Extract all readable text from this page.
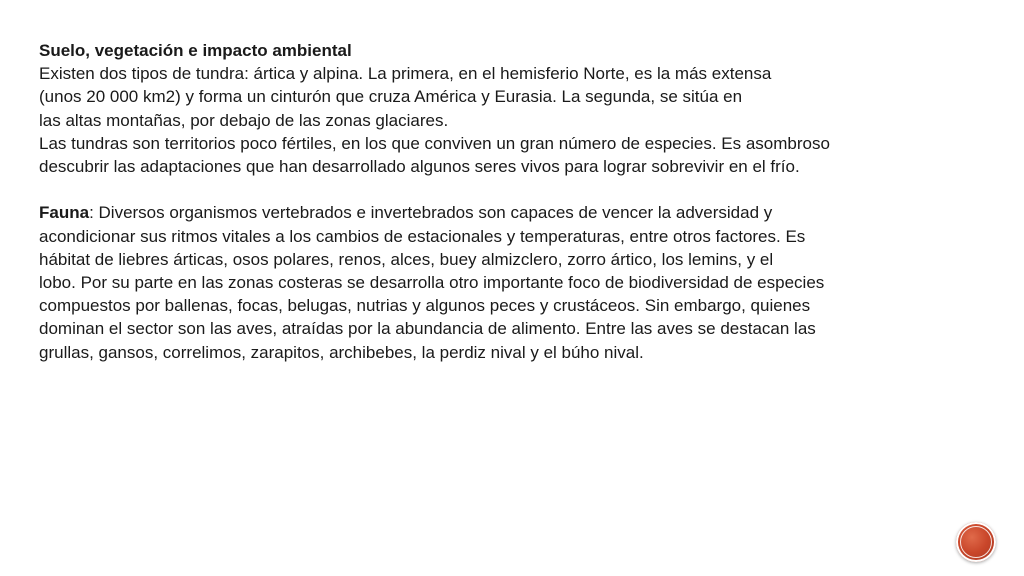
Suelo, vegetación e impacto ambiental

Existen dos tipos de tundra: ártica y alpina. La primera, en el hemisferio Norte, es la más extensa

(unos 20 000 km2) y forma un cinturón que cruza América y Eurasia. La segunda, se sitúa en

las altas montañas, por debajo de las zonas glaciares.

Las tundras son territorios poco fértiles, en los que conviven un gran número de especies. Es asombroso

descubrir las adaptaciones que han desarrollado algunos seres vivos para lograr sobrevivir en el frío.

Fauna: Diversos organismos vertebrados e invertebrados son capaces de vencer la adversidad y

acondicionar sus ritmos vitales a los cambios de estacionales y temperaturas, entre otros factores. Es

hábitat de liebres árticas, osos polares, renos, alces, buey almizclero, zorro ártico, los lemins, y el

lobo. Por su parte en las zonas costeras se desarrolla otro importante foco de biodiversidad de especies

compuestos por ballenas, focas, belugas, nutrias y algunos peces y crustáceos. Sin embargo, quienes

dominan el sector son las aves, atraídas por la abundancia de alimento. Entre las aves se destacan las

grullas, gansos, correlimos, zarapitos, archibebes, la perdiz nival y el búho nival.
